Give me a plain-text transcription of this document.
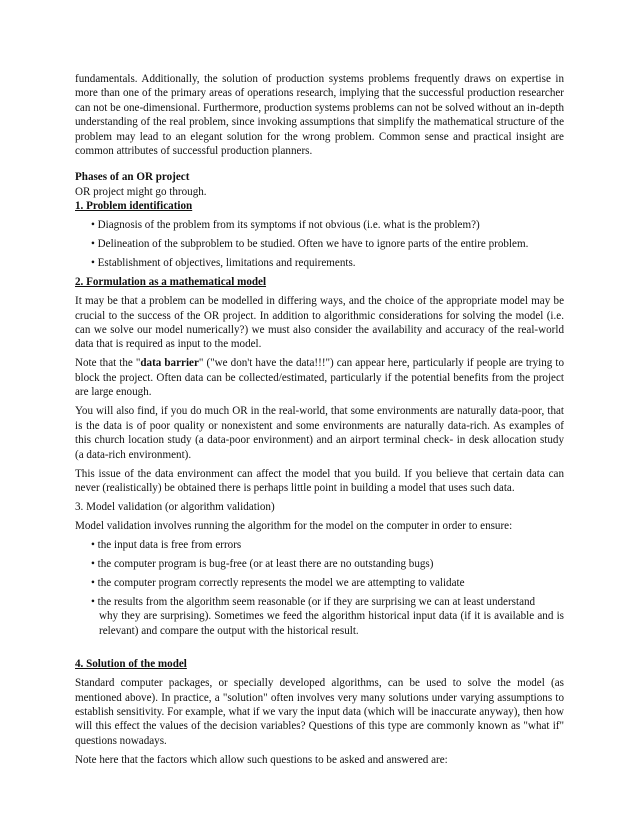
fundamentals. Additionally, the solution of production systems problems frequently draws on expertise in more than one of the primary areas of operations research, implying that the successful production researcher can not be one-dimensional. Furthermore, production systems problems can not be solved without an in-depth understanding of the real problem, since invoking assumptions that simplify the mathematical structure of the problem may lead to an elegant solution for the wrong problem. Common sense and practical insight are common attributes of successful production planners.

Phases of an OR project

OR project might go through.

1. Problem identification

• Diagnosis of the problem from its symptoms if not obvious (i.e. what is the problem?)

• Delineation of the subproblem to be studied. Often we have to ignore parts of the entire problem.

• Establishment of objectives, limitations and requirements.

2. Formulation as a mathematical model

It may be that a problem can be modelled in differing ways, and the choice of the appropriate model may be crucial to the success of the OR project. In addition to algorithmic considerations for solving the model (i.e. can we solve our model numerically?) we must also consider the availability and accuracy of the real-world data that is required as input to the model.

Note that the "data barrier" ("we don't have the data!!!") can appear here, particularly if people are trying to block the project. Often data can be collected/estimated, particularly if the potential benefits from the project are large enough.

You will also find, if you do much OR in the real-world, that some environments are naturally data-poor, that is the data is of poor quality or nonexistent and some environments are naturally data-rich. As examples of this church location study (a data-poor environment) and an airport terminal check- in desk allocation study (a data-rich environment).

This issue of the data environment can affect the model that you build. If you believe that certain data can never (realistically) be obtained there is perhaps little point in building a model that uses such data.

3. Model validation (or algorithm validation)

Model validation involves running the algorithm for the model on the computer in order to ensure:

• the input data is free from errors

• the computer program is bug-free (or at least there are no outstanding bugs)

• the computer program correctly represents the model we are attempting to validate

• the results from the algorithm seem reasonable (or if they are surprising we can at least understand
why they are surprising). Sometimes we feed the algorithm historical input data (if it is available and is relevant) and compare the output with the historical result.

4. Solution of the model

Standard computer packages, or specially developed algorithms, can be used to solve the model (as mentioned above). In practice, a "solution" often involves very many solutions under varying assumptions to establish sensitivity. For example, what if we vary the input data (which will be inaccurate anyway), then how will this effect the values of the decision variables? Questions of this type are commonly known as "what if" questions nowadays.

Note here that the factors which allow such questions to be asked and answered are:
